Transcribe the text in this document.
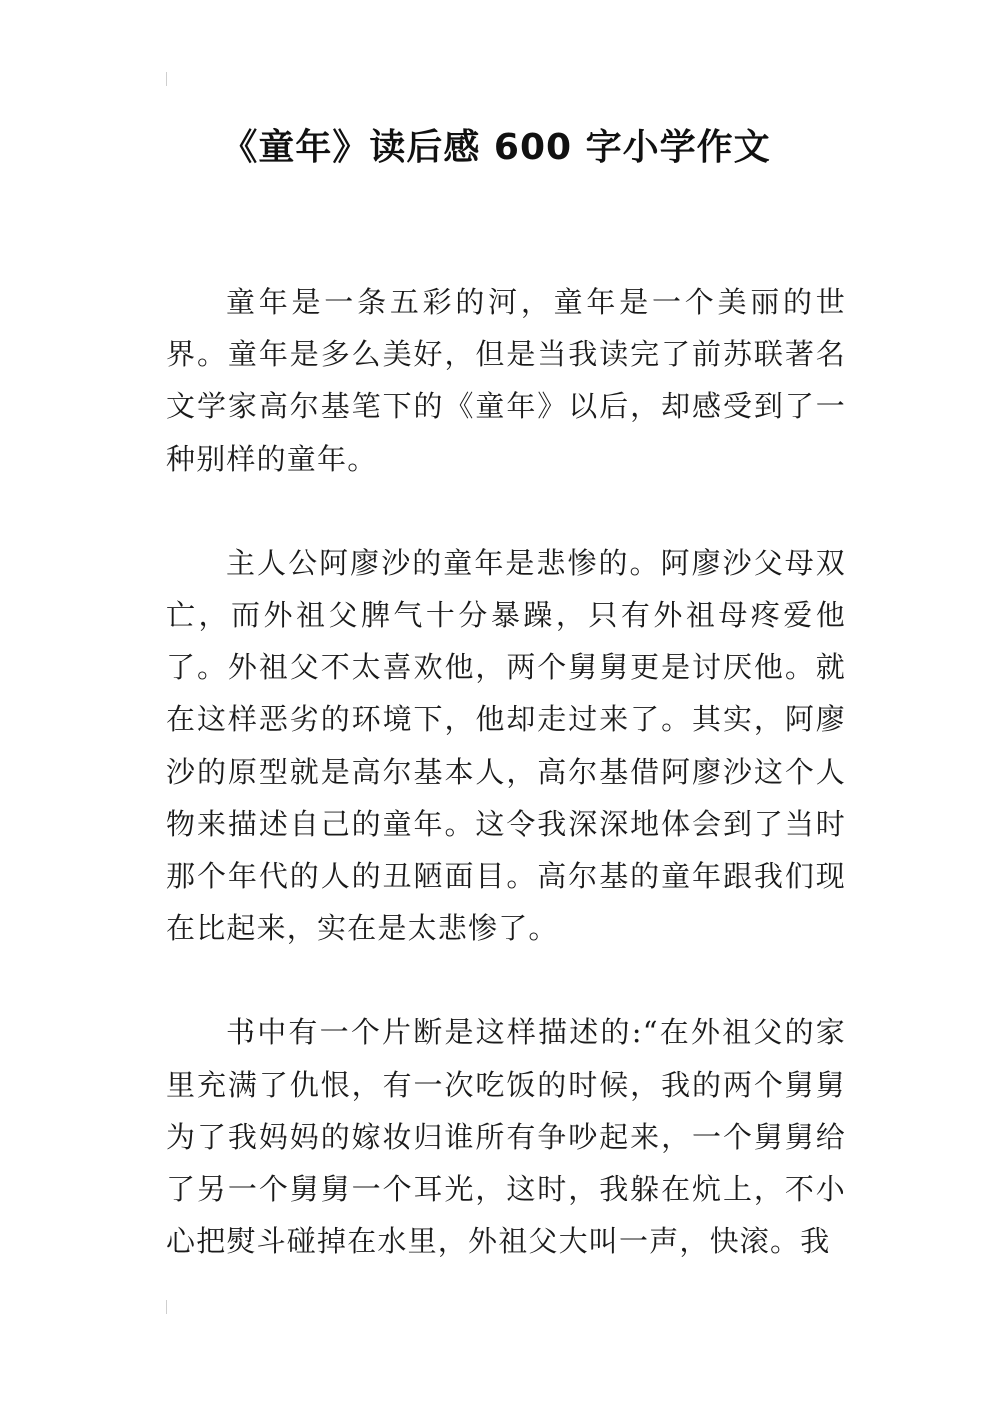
《童年》读后感 600 字小学作文

童年是一条五彩的河，童年是一个美丽的世界。童年是多么美好，但是当我读完了前苏联著名文学家高尔基笔下的《童年》以后，却感受到了一种别样的童年。

主人公阿廖沙的童年是悲惨的。阿廖沙父母双亡，而外祖父脾气十分暴躁，只有外祖母疼爱他了。外祖父不太喜欢他，两个舅舅更是讨厌他。就在这样恶劣的环境下，他却走过来了。其实，阿廖沙的原型就是高尔基本人，高尔基借阿廖沙这个人物来描述自己的童年。这令我深深地体会到了当时那个年代的人的丑陋面目。高尔基的童年跟我们现在比起来，实在是太悲惨了。

书中有一个片断是这样描述的:“在外祖父的家里充满了仇恨，有一次吃饭的时候，我的两个舅舅为了我妈妈的嫁妆归谁所有争吵起来，一个舅舅给了另一个舅舅一个耳光，这时，我躲在炕上，不小心把熨斗碰掉在水里，外祖父大叫一声，快滚。我
